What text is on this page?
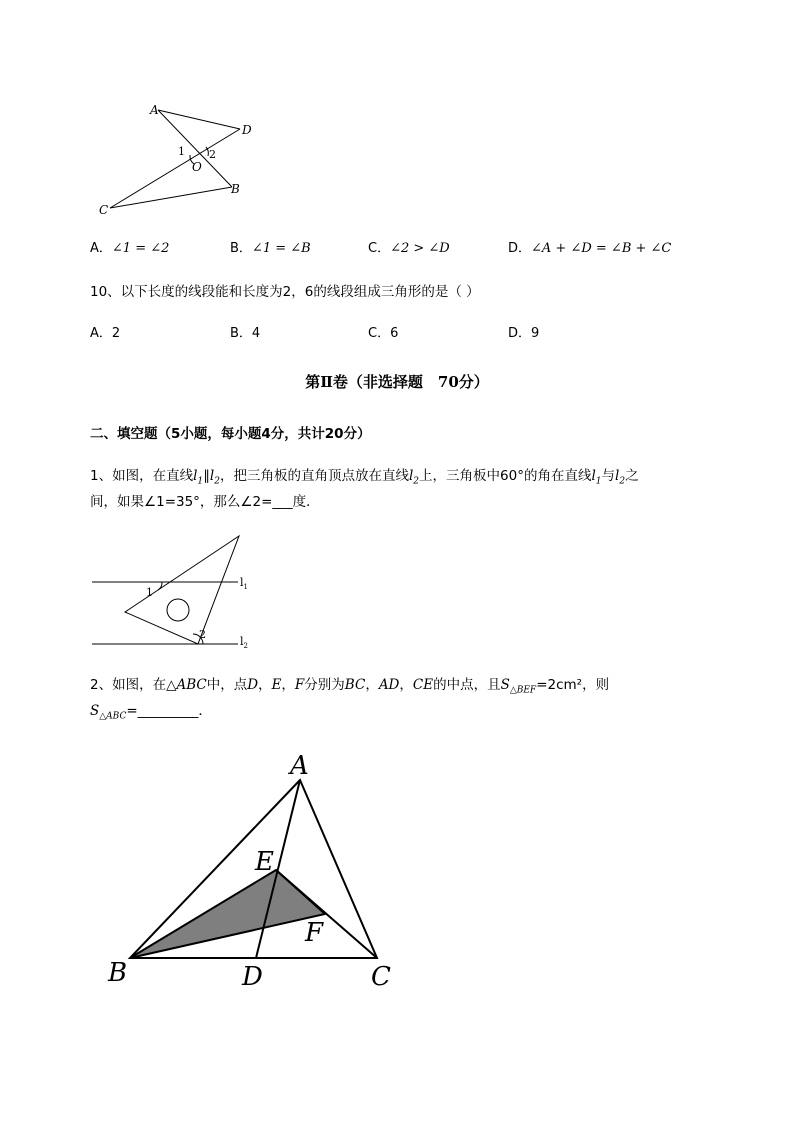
A
D
1 2
O
B
C
A．∠1 = ∠2	B．∠1 = ∠B	C．∠2 > ∠D	D．∠A + ∠D = ∠B + ∠C
10、以下长度的线段能和长度为2，6的线段组成三角形的是（ ）
A．2	B．4	C．6	D．9
第Ⅱ卷（非选择题　70分）
二、填空题（5小题，每小题4分，共计20分）
1、如图，在直线$l_1\parallel l_2$，把三角板的直角顶点放在直线$l_2$上，三角板中60°的角在直线$l_1$与$l_2$之
间，如果∠1=35°，那么∠2=___度．
1
2
$l_1$
$l_2$
2、如图，在△ABC中，点D，E，F分别为BC，AD，CE的中点，且$S_{\triangle BEF}=2cm^2$，则
$S_{\triangle ABC}=\_\_\_\_\_\_\_\_\_$．
A
E
F
B	D	C
